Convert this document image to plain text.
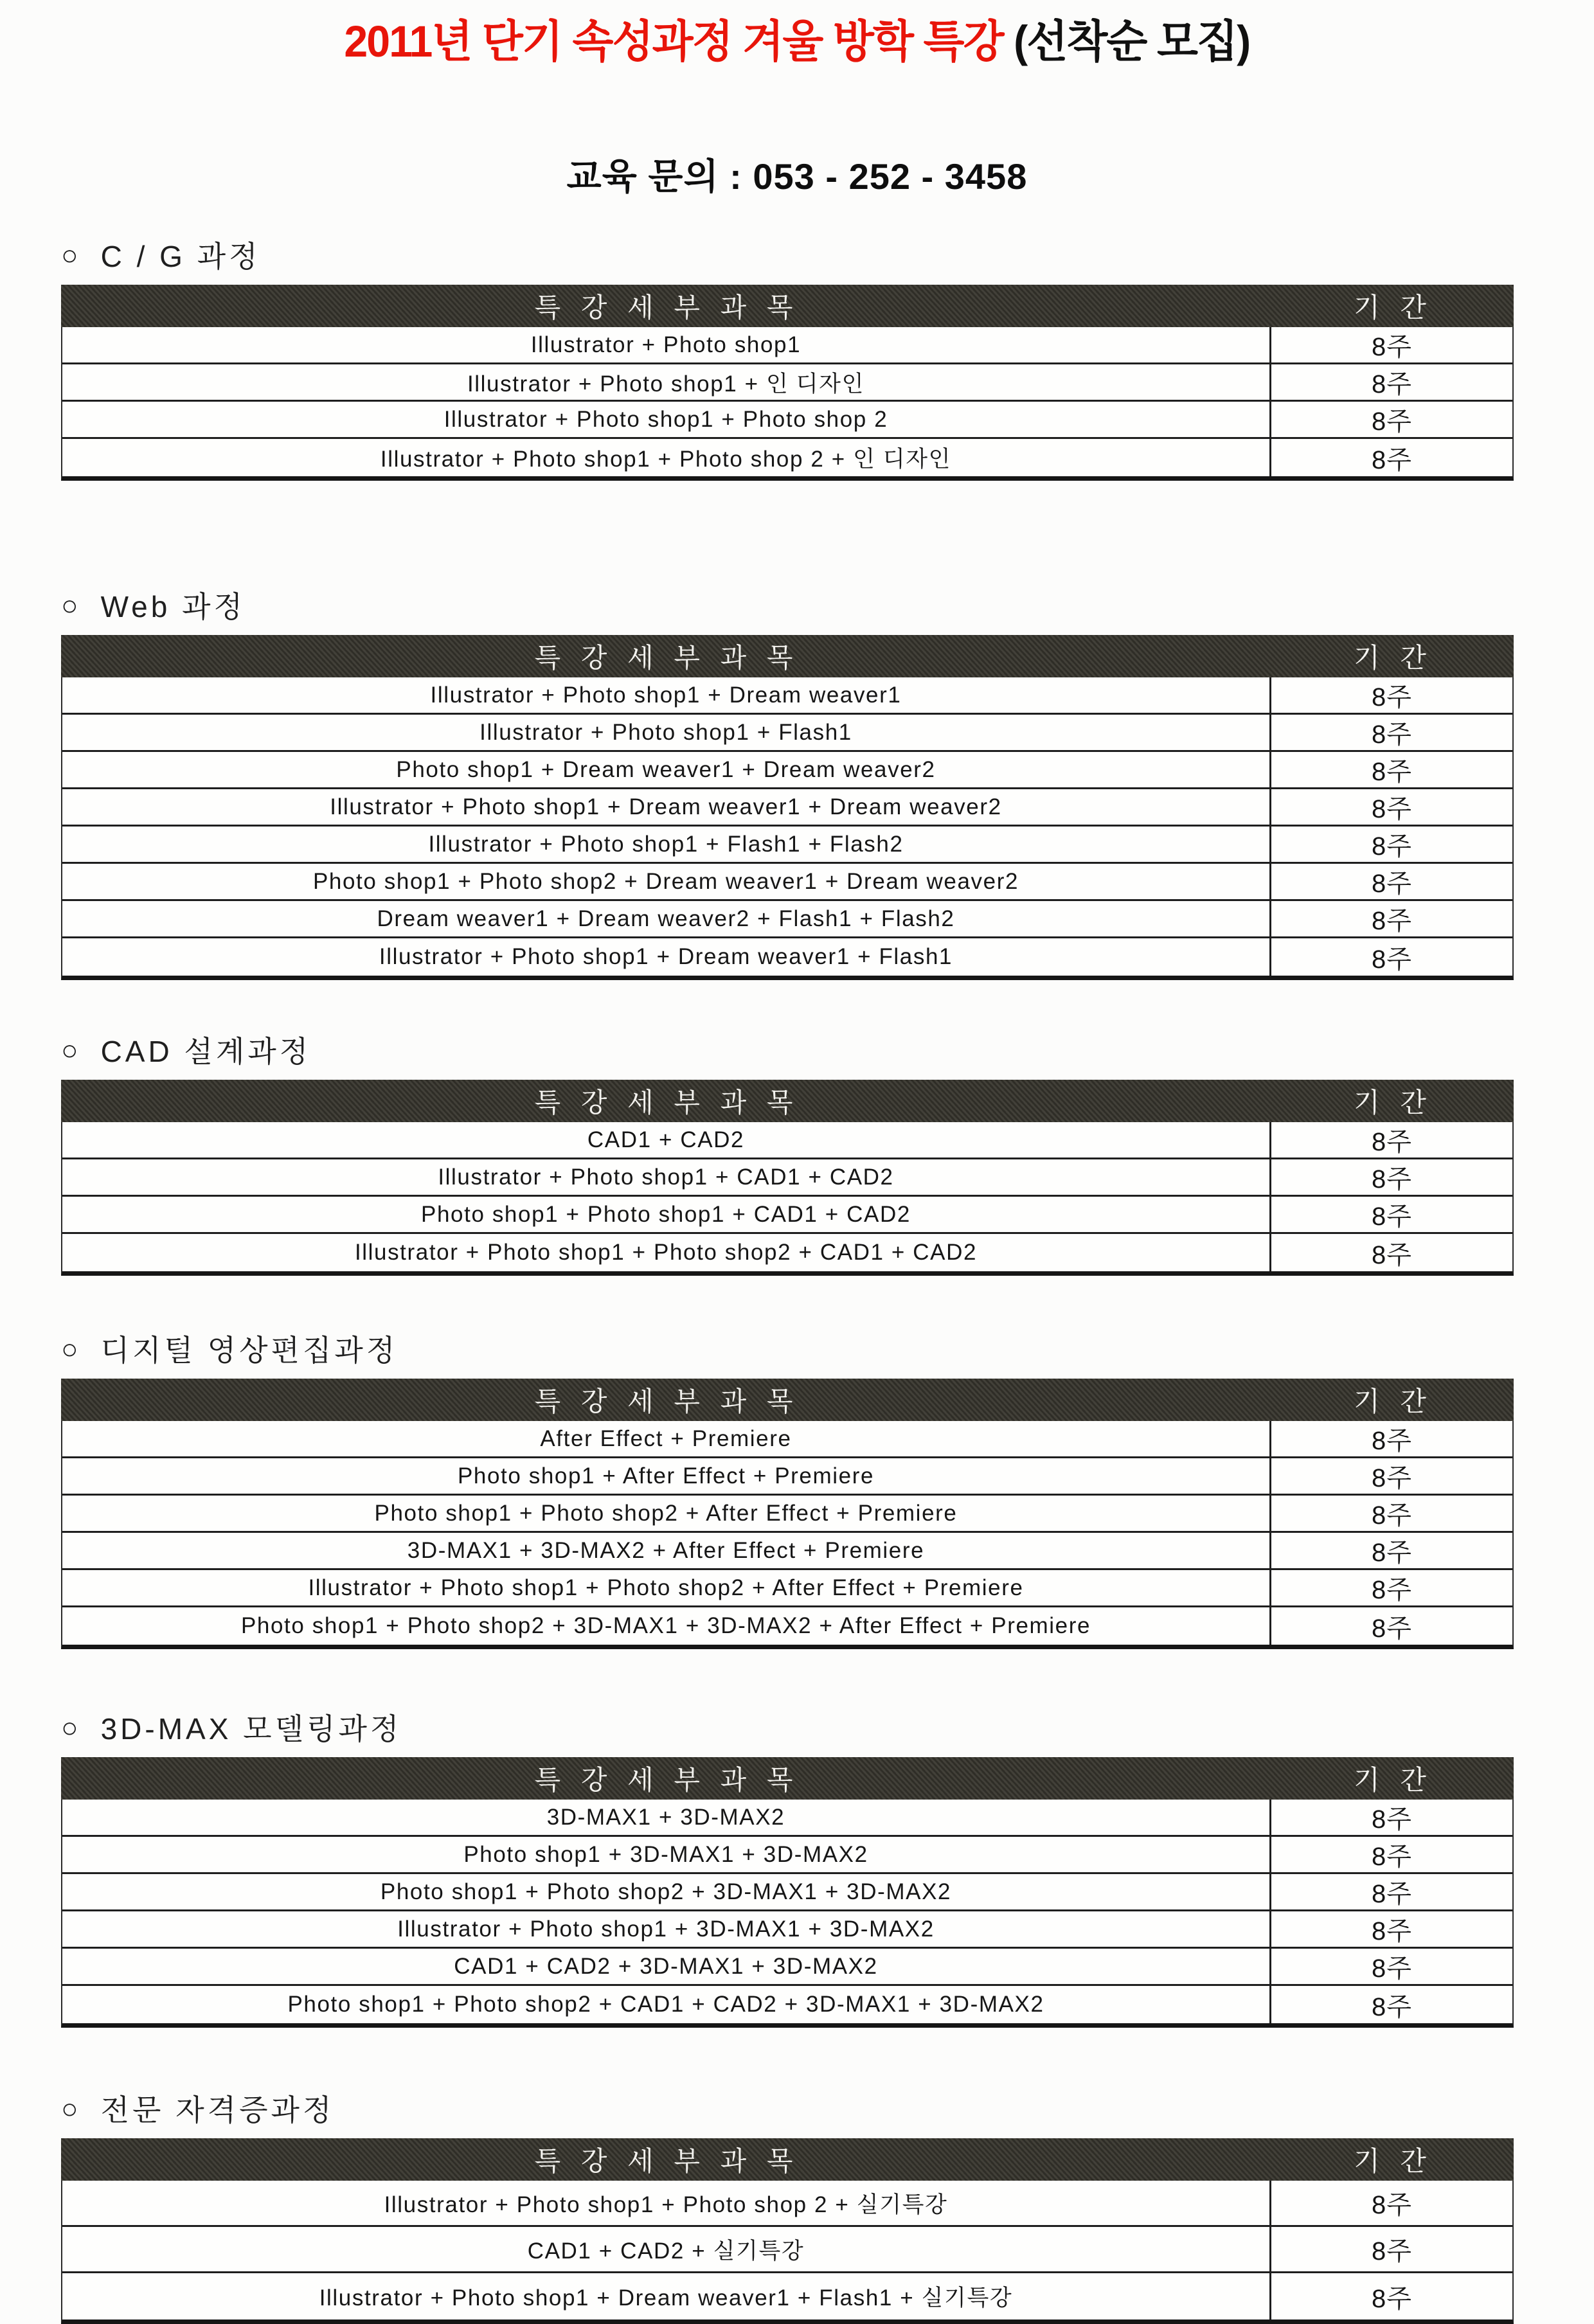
2011년 단기 속성과정 겨울 방학 특강 (선착순 모집)
교육 문의 : 053 - 252 - 3458
○ C / G 과정
특 강 세 부 과 목	기 간
Illustrator + Photo shop1	8주
Illustrator + Photo shop1 + 인 디자인	8주
Illustrator + Photo shop1 + Photo shop 2	8주
Illustrator + Photo shop1 + Photo shop 2 + 인 디자인	8주
○ Web 과정
특 강 세 부 과 목	기 간
Illustrator + Photo shop1 + Dream weaver1	8주
Illustrator + Photo shop1 + Flash1	8주
Photo shop1 + Dream weaver1 + Dream weaver2	8주
Illustrator + Photo shop1 + Dream weaver1 + Dream weaver2	8주
Illustrator + Photo shop1 + Flash1 + Flash2	8주
Photo shop1 + Photo shop2 + Dream weaver1 + Dream weaver2	8주
Dream weaver1 + Dream weaver2 + Flash1 + Flash2	8주
Illustrator + Photo shop1 + Dream weaver1 + Flash1	8주
○ CAD 설계과정
특 강 세 부 과 목	기 간
CAD1 + CAD2	8주
Illustrator + Photo shop1 + CAD1 + CAD2	8주
Photo shop1 + Photo shop1 + CAD1 + CAD2	8주
Illustrator + Photo shop1 + Photo shop2 + CAD1 + CAD2	8주
○ 디지털 영상편집과정
특 강 세 부 과 목	기 간
After Effect + Premiere	8주
Photo shop1 + After Effect + Premiere	8주
Photo shop1 + Photo shop2 + After Effect + Premiere	8주
3D-MAX1 + 3D-MAX2 + After Effect + Premiere	8주
Illustrator + Photo shop1 + Photo shop2 + After Effect + Premiere	8주
Photo shop1 + Photo shop2 + 3D-MAX1 + 3D-MAX2 + After Effect + Premiere	8주
○ 3D-MAX 모델링과정
특 강 세 부 과 목	기 간
3D-MAX1 + 3D-MAX2	8주
Photo shop1 + 3D-MAX1 + 3D-MAX2	8주
Photo shop1 + Photo shop2 + 3D-MAX1 + 3D-MAX2	8주
Illustrator + Photo shop1 + 3D-MAX1 + 3D-MAX2	8주
CAD1 + CAD2 + 3D-MAX1 + 3D-MAX2	8주
Photo shop1 + Photo shop2 + CAD1 + CAD2 + 3D-MAX1 + 3D-MAX2	8주
○ 전문 자격증과정
특 강 세 부 과 목	기 간
Illustrator + Photo shop1 + Photo shop 2 + 실기특강	8주
CAD1 + CAD2 + 실기특강	8주
Illustrator + Photo shop1 + Dream weaver1 + Flash1 + 실기특강	8주
